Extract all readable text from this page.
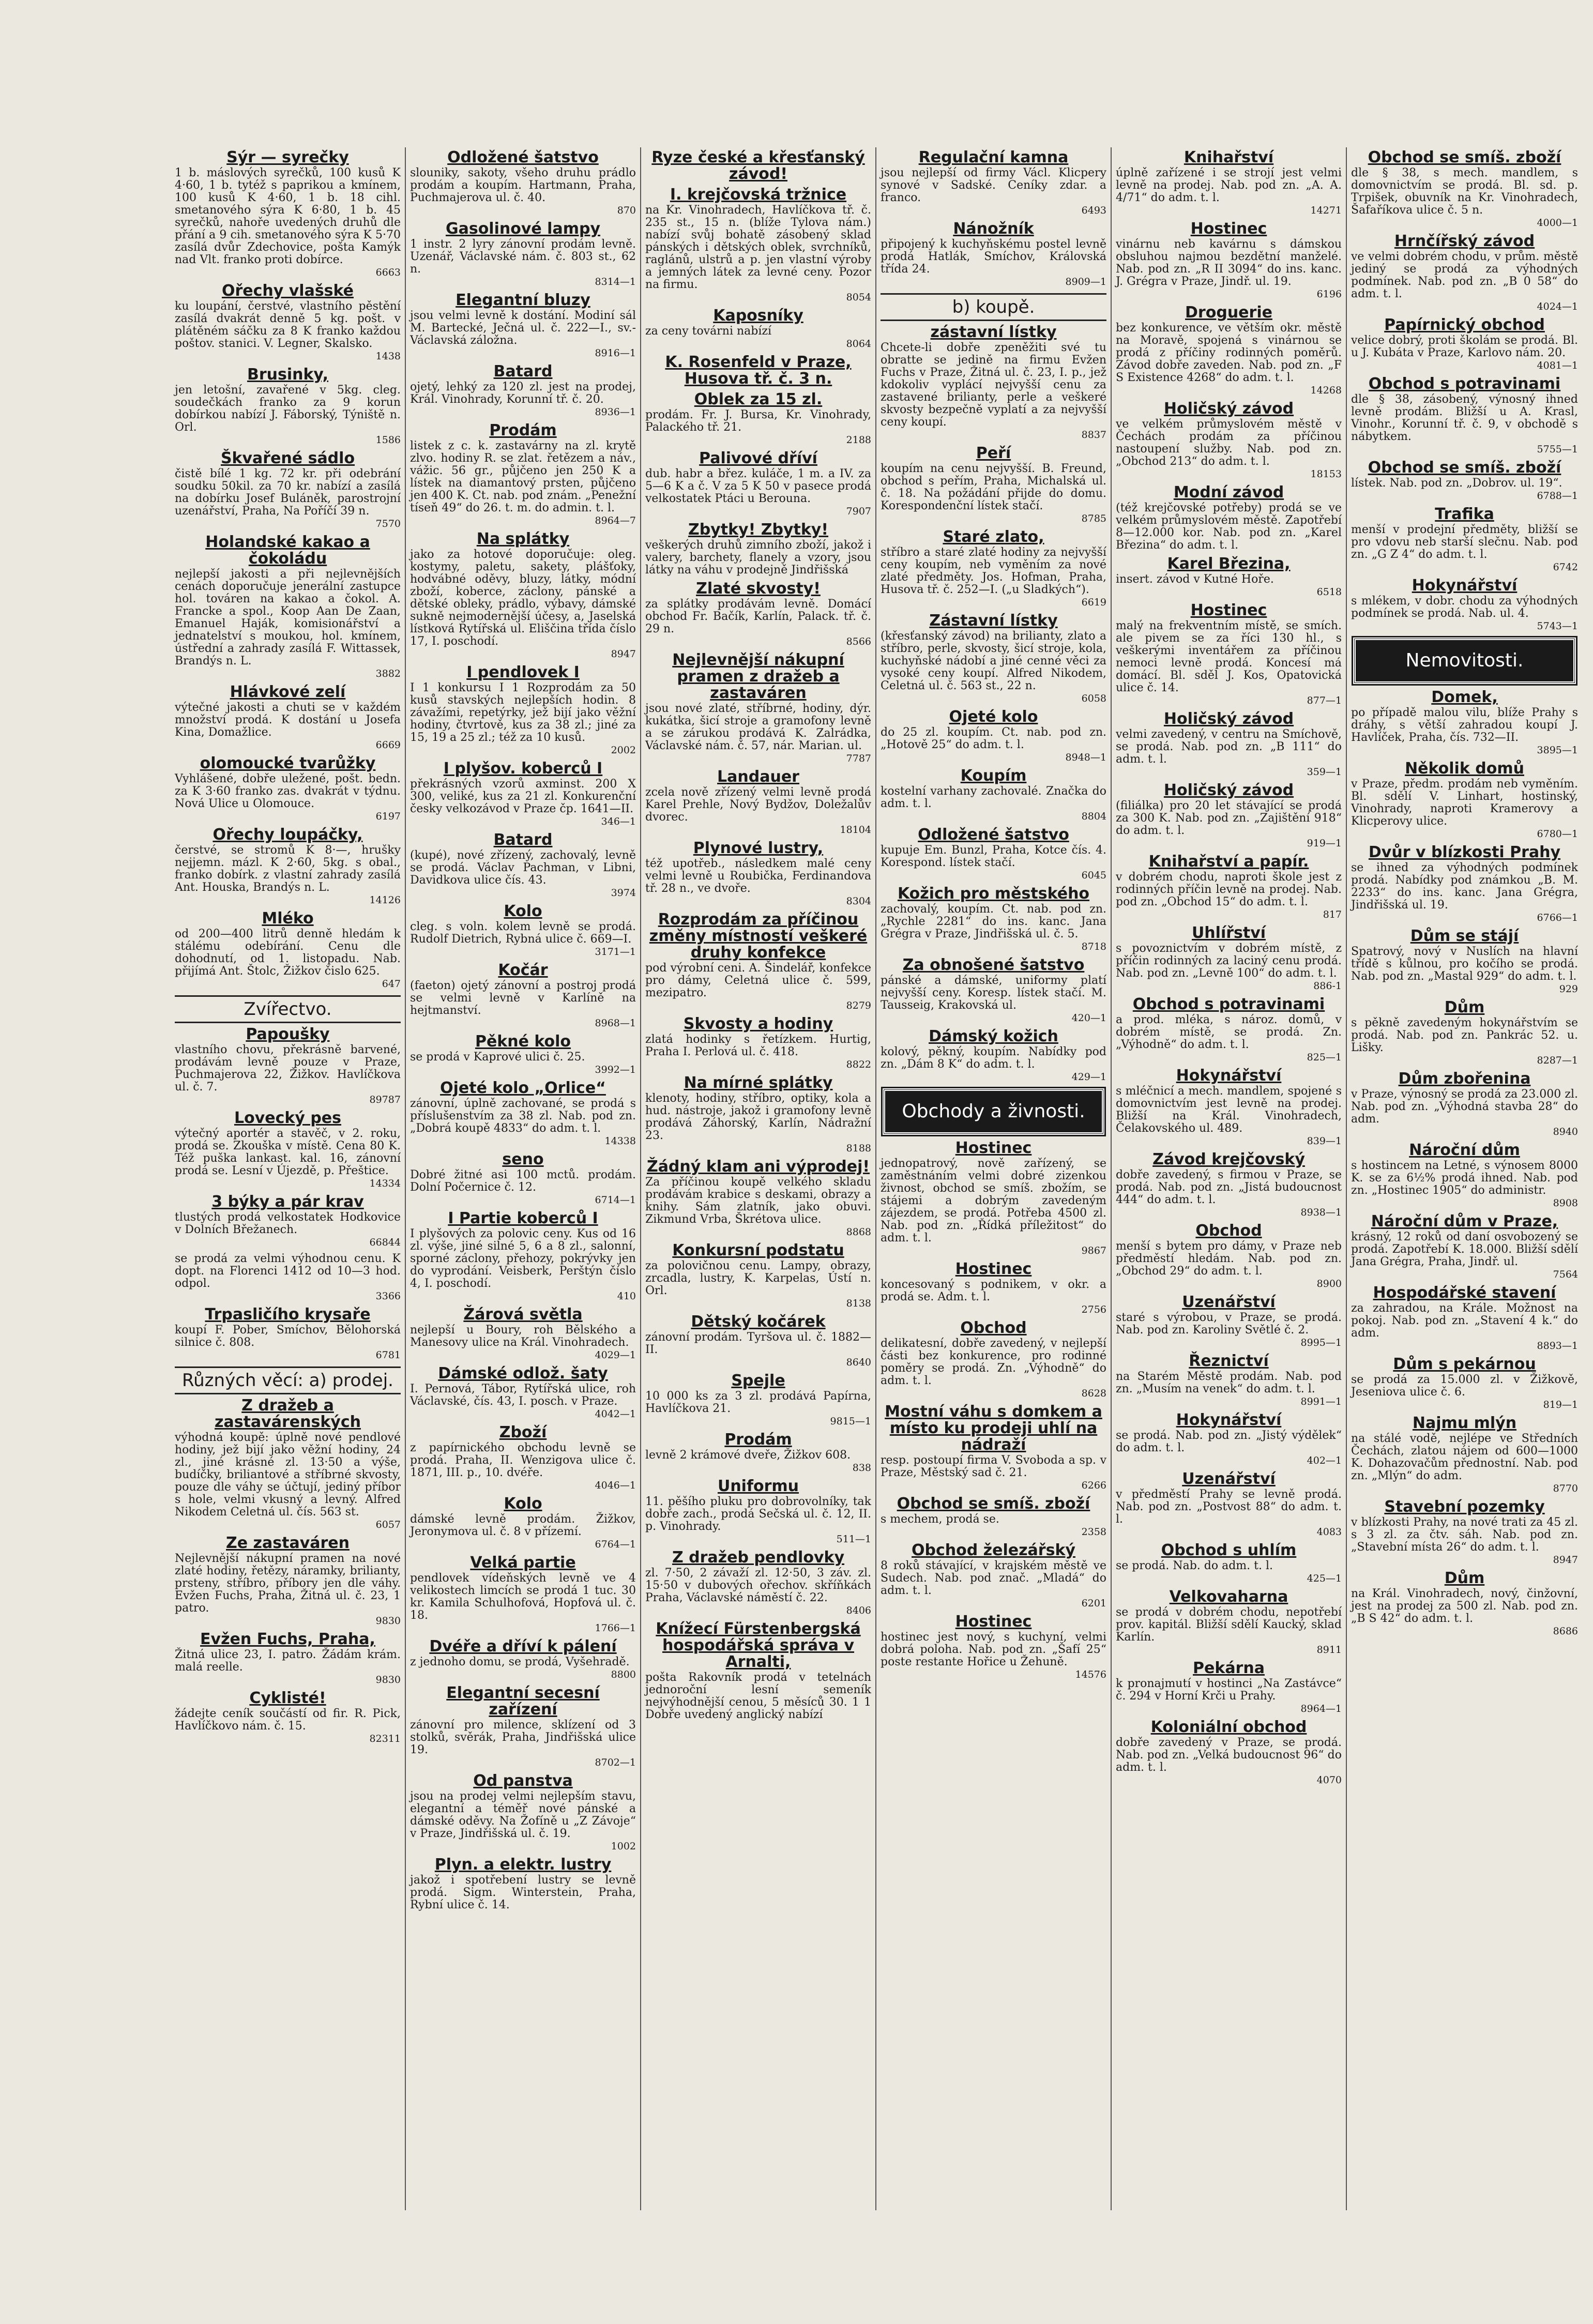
Sýr — syrečky
1 b. máslových syrečků, 100 kusů K 4·60, 1 b. tytéž s paprikou a kmínem, 100 kusů K 4·60, 1 b. 18 cihl. smetanového sýra K 6·80, 1 b. 45 syrečků, nahoře uvedených druhů dle přání a 9 cih. smetanového sýra K 5·70 zasílá dvůr Zdechovice, pošta Kamýk nad Vlt. franko proti dobírce.
6663
Ořechy vlašské
ku loupání, čerstvé, vlastního pěstění zasílá dvakrát denně 5 kg. pošt. v plátěném sáčku za 8 K franko každou poštov. stanici. V. Legner, Skalsko.
1438
Brusinky,
jen letošní, zavařené v 5kg. cleg. soudečkách franko za 9 korun dobírkou nabízí J. Fáborský, Týniště n. Orl.
1586
Škvařené sádlo
čistě bílé 1 kg. 72 kr. při odebrání soudku 50kil. za 70 kr. nabízí a zasílá na dobírku Josef Buláněk, parostrojní uzenářství, Praha, Na Poříčí 39 n.
7570
Holandské kakao a čokoládu
nejlepší jakosti a při nejlevnějších cenách doporučuje jenerální zastupce hol. továren na kakao a čokol. A. Francke a spol., Koop Aan De Zaan, Emanuel Haják, komisionářství a jednatelství s moukou, hol. kmínem, ústřední a zahrady zasílá F. Wittassek, Brandýs n. L.
3882
Hlávkové zelí
výtečné jakosti a chuti se v každém množství prodá. K dostání u Josefa Kina, Domažlice.
6669
olomoucké tvarůžky
Vyhlášené, dobře uležené, pošt. bedn. za K 3·60 franko zas. dvakrát v týdnu. Nová Ulice u Olomouce.
6197
Ořechy loupáčky,
čerstvé, se stromů K 8·—, hrušky nejjemn. mázl. K 2·60, 5kg. s obal., franko dobírk. z vlastní zahrady zasílá Ant. Houska, Brandýs n. L.
14126
Mléko
od 200—400 litrů denně hledám k stálému odebírání. Cenu dle dohodnutí, od 1. listopadu. Nab. přijímá Ant. Štolc, Žižkov čislo 625.
647
Zvířectvo.
Papoušky
vlastního chovu, překrásně barvené, prodávám levně pouze v Praze, Puchmajerova 22, Žižkov. Havlíčkova ul. č. 7.
89787
Lovecký pes
výtečný aportér a stavěč, v 2. roku, prodá se. Zkouška v místě. Cena 80 K. Též puška lankast. kal. 16, zánovní prodá se. Lesní v Újezdě, p. Přeštice.
14334
3 býky a pár krav
tlustých prodá velkostatek Hodkovice v Dolních Břežanech.
66844
se prodá za velmi výhodnou cenu. K dopt. na Florenci 1412 od 10—3 hod. odpol.
3366
Trpasličího krysaře
koupí F. Pober, Smíchov, Bělohorská silnice č. 808.
6781
Různých věcí: a) prodej.
Z dražeb a zastavárenských
výhodná koupě: úplně nové pendlové hodiny, jež bijí jako věžní hodiny, 24 zl., jiné krásné zl. 13·50 a výše, budíčky, briliantové a stříbrné skvosty, pouze dle váhy se účtují, jediný příbor s hole, velmi vkusný a levný. Alfred Nikodem Celetná ul. čís. 563 st.
6057
Ze zastaváren
Nejlevnější nákupní pramen na nové zlaté hodiny, řetězy, náramky, brilianty, prsteny, stříbro, příbory jen dle váhy. Evžen Fuchs, Praha, Žitná ul. č. 23, 1 patro.
9830
Evžen Fuchs, Praha,
Žitná ulice 23, I. patro. Žádám krám. malá reelle.
9830
Cyklisté!
žádejte ceník součástí od fir. R. Pick, Havlíčkovo nám. č. 15.
82311
Odložené šatstvo
slouniky, sakoty, všeho druhu prádlo prodám a koupím. Hartmann, Praha, Puchmajerova ul. č. 40.
870
Gasolinové lampy
1 instr. 2 lyry zánovní prodám levně. Uzenář, Václavské nám. č. 803 st., 62 n.
8314—1
Elegantní bluzy
jsou velmi levně k dostání. Modiní sál M. Bartecké, Ječná ul. č. 222—I., sv.-Václavská záložna.
8916—1
Batard
ojetý, lehký za 120 zl. jest na prodej, Král. Vinohrady, Korunní tř. č. 20.
8936—1
Prodám
listek z c. k. zastavárny na zl. krytě zlvo. hodiny R. se zlat. řetězem a náv., vážic. 56 gr., půjčeno jen 250 K a lístek na diamantový prsten, půjčeno jen 400 K. Ct. nab. pod znám. „Penežní tíseň 49“ do 26. t. m. do admin. t. l.
8964—7
Na splátky
jako za hotové doporučuje: oleg. kostymy, paletu, sakety, plášťoky, hodvábné oděvy, bluzy, látky, módní zboží, koberce, záclony, pánské a dětské obleky, prádlo, výbavy, dámské sukně nejmodernější účesy, a, Jaselská lístková Rytířská ul. Eliščina třída číslo 17, I. poschodí.
8947
I pendlovek I
I 1 konkursu I 1 Rozprodám za 50 kusů stavských nejlepších hodin. 8 závažími, repetýrky, jež bijí jako věžní hodiny, čtvrtově, kus za 38 zl.; jiné za 15, 19 a 25 zl.; též za 10 kusů.
2002
I plyšov. koberců I
překrásných vzorů axminst. 200 X 300, veliké, kus za 21 zl. Konkurenční česky velkozávod v Praze čp. 1641—II.
346—1
Batard
(kupé), nové zřízený, zachovalý, levně se prodá. Václav Pachman, v Libni, Davidkova ulice čís. 43.
3974
Kolo
cleg. s voln. kolem levně se prodá. Rudolf Dietrich, Rybná ulice č. 669—I.
3171—1
Kočár
(faeton) ojetý zánovní a postroj prodá se velmi levně v Karlíně na hejtmanství.
8968—1
Pěkné kolo
se prodá v Kaprové ulici č. 25.
3992—1
Ojeté kolo „Orlice“
zánovní, úplně zachované, se prodá s příslušenstvím za 38 zl. Nab. pod zn. „Dobrá koupě 4833“ do adm. t. l.
14338
seno
Dobré žitné asi 100 mctů. prodám. Dolní Počernice č. 12.
6714—1
I Partie koberců I
I plyšových za polovic ceny. Kus od 16 zl. výše, jiné silné 5, 6 a 8 zl., salonní, sporné záclony, přehozy, pokrývky jen do vyprodání. Veisberk, Perštýn číslo 4, I. poschodí.
410
Žárová světla
nejlepší u Boury, roh Bělského a Manesovy ulice na Král. Vinohradech.
4029—1
Dámské odlož. šaty
I. Pernová, Tábor, Rytířská ulice, roh Václavské, čís. 43, I. posch. v Praze.
4042—1
Zboží
z papírnického obchodu levně se prodá. Praha, II. Wenzigova ulice č. 1871, III. p., 10. dvéře.
4046—1
Kolo
dámské levně prodám. Žižkov, Jeronymova ul. č. 8 v přízemí.
6764—1
Velká partie
pendlovek vídeňských levně ve 4 velikostech limcích se prodá 1 tuc. 30 kr. Kamila Schulhofová, Hopfová ul. č. 18.
1766—1
Dvéře a dříví k pálení
z jednoho domu, se prodá, Vyšehradě.
8800
Elegantní secesní zařízení
zánovní pro milence, sklízení od 3 stolků, svěrák, Praha, Jindřišská ulice 19.
8702—1
Od panstva
jsou na prodej velmi nejlepším stavu, elegantní a téměř nové pánské a dámské oděvy. Na Žofíně u „Z Závoje“ v Praze, Jindřišská ul. č. 19.
1002
Plyn. a elektr. lustry
jakož i spotřebení lustry se levně prodá. Sigm. Winterstein, Praha, Rybní ulice č. 14.
Ryze české a křesťanský závod!
I. krejčovská tržnice
na Kr. Vinohradech, Havlíčkova tř. č. 235 st., 15 n. (blíže Tylova nám.) nabízí svůj bohatě zásobený sklad pánských i dětských oblek, svrchníků, raglánů, ulstrů a p. jen vlastní výroby a jemných látek za levné ceny. Pozor na firmu.
8054
Kaposníky
za ceny továrni nabízí
8064
K. Rosenfeld v Praze, Husova tř. č. 3 n.
Oblek za 15 zl.
prodám. Fr. J. Bursa, Kr. Vinohrady, Palackého tř. 21.
2188
Palivové dříví
dub. habr a břez. kuláče, 1 m. a IV. za 5—6 K a č. V za 5 K 50 v pasece prodá velkostatek Ptáci u Berouna.
7907
Zbytky! Zbytky!
veškerých druhů zimního zboží, jakož i valery, barchety, flanely a vzory, jsou látky na váhu v prodejně Jindřišská
Zlaté skvosty!
za splátky prodávám levně. Domácí obchod Fr. Bačík, Karlín, Palack. tř. č. 29 n.
8566
Nejlevnější nákupní pramen z dražeb a zastaváren
jsou nové zlaté, stříbrné, hodiny, dýr. kukátka, šicí stroje a gramofony levně a se zárukou prodává K. Zalrádka, Václavské nám. č. 57, nár. Marian. ul.
7787
Landauer
zcela nově zřízený velmi levně prodá Karel Prehle, Nový Bydžov, Doležalův dvorec.
18104
Plynové lustry,
též upotřeb., následkem malé ceny velmi levně u Roubička, Ferdinandova tř. 28 n., ve dvoře.
8304
Rozprodám za příčinou změny místností veškeré druhy konfekce
pod výrobní ceni. A. Šindelář, konfekce pro dámy, Celetná ulice č. 599, mezipatro.
8279
Skvosty a hodiny
zlatá hodinky s řetízkem. Hurtig, Praha I. Perlová ul. č. 418.
8822
Na mírné splátky
klenoty, hodiny, stříbro, optiky, kola a hud. nástroje, jakož i gramofony levně prodává Záhorský, Karlín, Nádražní 23.
8188
Žádný klam ani výprodej!
Za příčinou koupě velkého skladu prodávám krabice s deskami, obrazy a knihy. Sám zlatník, jako obuvi. Zikmund Vrba, Škrétova ulice.
8868
Konkursní podstatu
za polovičnou cenu. Lampy, obrazy, zrcadla, lustry, K. Karpelas, Ústí n. Orl.
8138
Dětský kočárek
zánovní prodám. Tyršova ul. č. 1882—II.
8640
Spejle
10 000 ks za 3 zl. prodává Papírna, Havlíčkova 21.
9815—1
Prodám
levně 2 krámové dveře, Žižkov 608.
838
Uniformu
11. pěšího pluku pro dobrovolníky, tak dobře zach., prodá Sečská ul. č. 12, II. p. Vinohrady.
511—1
Z dražeb pendlovky
zl. 7·50, 2 závaží zl. 12·50, 3 záv. zl. 15·50 v dubových ořechov. skříňkách Praha, Václavské náměstí č. 22.
8406
Knížecí Fürstenbergská hospodářská správa v Arnalti,
pošta Rakovník prodá v tetelnách jednoroční lesní semeník nejvýhodnější cenou, 5 měsíců 30. 1 1 Dobře uvedený anglický nabízí
Regulační kamna
jsou nejlepší od firmy Václ. Klicpery synové v Sadské. Ceníky zdar. a franco.
6493
Nánožník
připojený k kuchyňskému postel levně prodá Hatlák, Smíchov, Královská třída 24.
8909—1
b) koupě.
zástavní lístky
Chcete-li dobře zpeněžiti své tu obratte se jedině na firmu Evžen Fuchs v Praze, Žitná ul. č. 23, I. p., jež kdokoliv vyplácí nejvyšší cenu za zastavené brilianty, perle a veškeré skvosty bezpečně vyplatí a za nejvyšší ceny koupí.
8837
Peří
koupím na cenu nejvyšší. B. Freund, obchod s peřím, Praha, Michalská ul. č. 18. Na požádání přijde do domu. Korespondenční lístek stačí.
8785
Staré zlato,
stříbro a staré zlaté hodiny za nejvyšší ceny koupím, neb vyměním za nové zlaté předměty. Jos. Hofman, Praha, Husova tř. č. 252—I. („u Sladkých“).
6619
Zástavní lístky
(křesťanský závod) na brilianty, zlato a stříbro, perle, skvosty, šicí stroje, kola, kuchyňské nádobí a jiné cenné věci za vysoké ceny koupí. Alfred Nikodem, Celetná ul. č. 563 st., 22 n.
6058
Ojeté kolo
do 25 zl. koupím. Ct. nab. pod zn. „Hotově 25“ do adm. t. l.
8948—1
Koupím
kostelní varhany zachovalé. Značka do adm. t. l.
8804
Odložené šatstvo
kupuje Em. Bunzl, Praha, Kotce čís. 4. Korespond. lístek stačí.
6045
Kožich pro městského
zachovalý, koupím. Ct. nab. pod zn. „Rychle 2281“ do ins. kanc. Jana Grégra v Praze, Jindřišská ul. č. 5.
8718
Za obnošené šatstvo
pánské a dámské, uniformy platí nejvyšší ceny. Koresp. lístek stačí. M. Tausseig, Krakovská ul.
420—1
Dámský kožich
kolový, pěkný, koupím. Nabídky pod zn. „Dám 8 K“ do adm. t. l.
429—1
Obchody a živnosti.
Hostinec
jednopatrový, nově zařízený, se zaměstnáním velmi dobré zizenkou živnost, obchod se smíš. zbožím, se stájemi a dobrým zavedeným zájezdem, se prodá. Potřeba 4500 zl. Nab. pod zn. „Řídká příležitost“ do adm. t. l.
9867
Hostinec
koncesovaný s podnikem, v okr. a prodá se. Adm. t. l.
2756
Obchod
delikatesní, dobře zavedený, v nejlepší části bez konkurence, pro rodinné poměry se prodá. Zn. „Výhodně“ do adm. t. l.
8628
Mostní váhu s domkem a místo ku prodeji uhlí na nádraží
resp. postoupí firma V. Svoboda a sp. v Praze, Městský sad č. 21.
6266
Obchod se smíš. zboží
s mechem, prodá se.
2358
Obchod železářský
8 roků stávající, v krajském městě ve Sudech. Nab. pod znač. „Mladá“ do adm. t. l.
6201
Hostinec
hostinec jest nový, s kuchyní, velmi dobrá poloha. Nab. pod zn. „Šafí 25“ poste restante Hořice u Žehuně.
14576
Knihařství
úplně zařízené i se strojí jest velmi levně na prodej. Nab. pod zn. „A. A. 4/71“ do adm. t. l.
14271
Hostinec
vinárnu neb kavárnu s dámskou obsluhou najmou bezdětní manželé. Nab. pod zn. „R II 3094“ do ins. kanc. J. Grégra v Praze, Jindř. ul. 19.
6196
Droguerie
bez konkurence, ve větším okr. městě na Moravě, spojená s vinárnou se prodá z příčiny rodinných poměrů. Závod dobře zaveden. Nab. pod zn. „F S Existence 4268“ do adm. t. l.
14268
Holičský závod
ve velkém průmyslovém městě v Čechách prodám za příčinou nastoupení služby. Nab. pod zn. „Obchod 213“ do adm. t. l.
18153
Modní závod
(též krejčovské potřeby) prodá se ve velkém průmyslovém městě. Zapotřebí 8—12.000 kor. Nab. pod zn. „Karel Březina“ do adm. t. l.
Karel Březina,
insert. závod v Kutné Hoře.
6518
Hostinec
malý na frekventním místě, se smích. ale pivem se za říci 130 hl., s veškerými inventářem za příčinou nemoci levně prodá. Koncesí má domácí. Bl. sděl J. Kos, Opatovická ulice č. 14.
877—1
Holičský závod
velmi zavedený, v centru na Smíchově, se prodá. Nab. pod zn. „B 111“ do adm. t. l.
359—1
Holičský závod
(filiálka) pro 20 let stávající se prodá za 300 K. Nab. pod zn. „Zajištění 918“ do adm. t. l.
919—1
Knihařství a papír.
v dobrém chodu, naproti škole jest z rodinných příčin levně na prodej. Nab. pod zn. „Obchod 15“ do adm. t. l.
817
Uhlířství
s povoznictvím v dobrém místě, z příčin rodinných za laciný cenu prodá. Nab. pod zn. „Levně 100“ do adm. t. l.
886-1
Obchod s potravinami
a prod. mléka, s nároz. domů, v dobrém místě, se prodá. Zn. „Výhodně“ do adm. t. l.
825—1
Hokynářství
s mléčnicí a mech. mandlem, spojené s domovnictvím jest levně na prodej. Bližší na Král. Vinohradech, Čelakovského ul. 489.
839—1
Závod krejčovský
dobře zavedený, s firmou v Praze, se prodá. Nab. pod zn. „Jistá budoucnost 444“ do adm. t. l.
8938—1
Obchod
menší s bytem pro dámy, v Praze neb předměstí hledám. Nab. pod zn. „Obchod 29“ do adm. t. l.
8900
Uzenářství
staré s výrobou, v Praze, se prodá. Nab. pod zn. Karoliny Světlé č. 2.
8995—1
Řeznictví
na Starém Městě prodám. Nab. pod zn. „Musím na venek“ do adm. t. l.
8991—1
Hokynářství
se prodá. Nab. pod zn. „Jistý výdělek“ do adm. t. l.
402—1
Uzenářství
v předměstí Prahy se levně prodá. Nab. pod zn. „Postvost 88“ do adm. t. l.
4083
Obchod s uhlím
se prodá. Nab. do adm. t. l.
425—1
Velkovaharna
se prodá v dobrém chodu, nepotřebí prov. kapitál. Bližší sdělí Kaucký, sklad Karlín.
8911
Pekárna
k pronajmutí v hostinci „Na Zastávce“ č. 294 v Horní Krči u Prahy.
8964—1
Koloniální obchod
dobře zavedený v Praze, se prodá. Nab. pod zn. „Velká budoucnost 96“ do adm. t. l.
4070
Obchod se smíš. zboží
dle § 38, s mech. mandlem, s domovnictvím se prodá. Bl. sd. p. Trpišek, obuvník na Kr. Vinohradech, Šafaříkova ulice č. 5 n.
4000—1
Hrnčířský závod
ve velmi dobrém chodu, v prům. městě jediný se prodá za výhodných podmínek. Nab. pod zn. „B 0 58“ do adm. t. l.
4024—1
Papírnický obchod
velice dobrý, proti školám se prodá. Bl. u J. Kubáta v Praze, Karlovo nám. 20.
4081—1
Obchod s potravinami
dle § 38, zásobený, výnosný ihned levně prodám. Bližší u A. Krasl, Vinohr., Korunní tř. č. 9, v obchodě s nábytkem.
5755—1
Obchod se smíš. zboží
lístek. Nab. pod zn. „Dobrov. ul. 19“.
6788—1
Trafika
menší v prodejní předměty, bližší se pro vdovu neb starší slečnu. Nab. pod zn. „G Z 4“ do adm. t. l.
6742
Hokynářství
s mlékem, v dobr. chodu za výhodných podmínek se prodá. Nab. ul. 4.
5743—1
Nemovitosti.
Domek,
po případě malou vilu, blíže Prahy s dráhy, s větší zahradou koupí J. Havlíček, Praha, čís. 732—II.
3895—1
Několik domů
v Praze, předm. prodám neb vyměním. Bl. sdělí V. Linhart, hostinský, Vinohrady, naproti Kramerovy a Klicperovy ulice.
6780—1
Dvůr v blízkosti Prahy
se ihned za výhodných podmínek prodá. Nabídky pod známkou „B. M. 2233“ do ins. kanc. Jana Grégra, Jindřišská ul. 19.
6766—1
Dům se stájí
Spatrový, nový v Nuslích na hlavní třídě s kůlnou, pro kočího se prodá. Nab. pod zn. „Mastal 929“ do adm. t. l.
929
Dům
s pěkně zavedeným hokynářstvím se prodá. Nab. pod zn. Pankrác 52. u. Lišky.
8287—1
Dům zbořenina
v Praze, výnosný se prodá za 23.000 zl. Nab. pod zn. „Výhodná stavba 28“ do adm.
8940
Nároční dům
s hostincem na Letné, s výnosem 8000 K. se za 6½% prodá ihned. Nab. pod zn. „Hostinec 1905“ do administr.
8908
Nároční dům v Praze,
krásný, 12 roků od daní osvobozený se prodá. Zapotřebí K. 18.000. Bližší sdělí Jana Grégra, Praha, Jindř. ul.
7564
Hospodářské stavení
za zahradou, na Krále. Možnost na pokoj. Nab. pod zn. „Stavení 4 k.“ do adm.
8893—1
Dům s pekárnou
se prodá za 15.000 zl. v Žižkově, Jeseniova ulice č. 6.
819—1
Najmu mlýn
na stálé vodě, nejlépe ve Středních Čechách, zlatou nájem od 600—1000 K. Dohazovačům přednostní. Nab. pod zn. „Mlýn“ do adm.
8770
Stavební pozemky
v blízkosti Prahy, na nové trati za 45 zl. s 3 zl. za čtv. sáh. Nab. pod zn. „Stavební místa 26“ do adm. t. l.
8947
Dům
na Král. Vinohradech, nový, činžovní, jest na prodej za 500 zl. Nab. pod zn. „B S 42“ do adm. t. l.
8686
